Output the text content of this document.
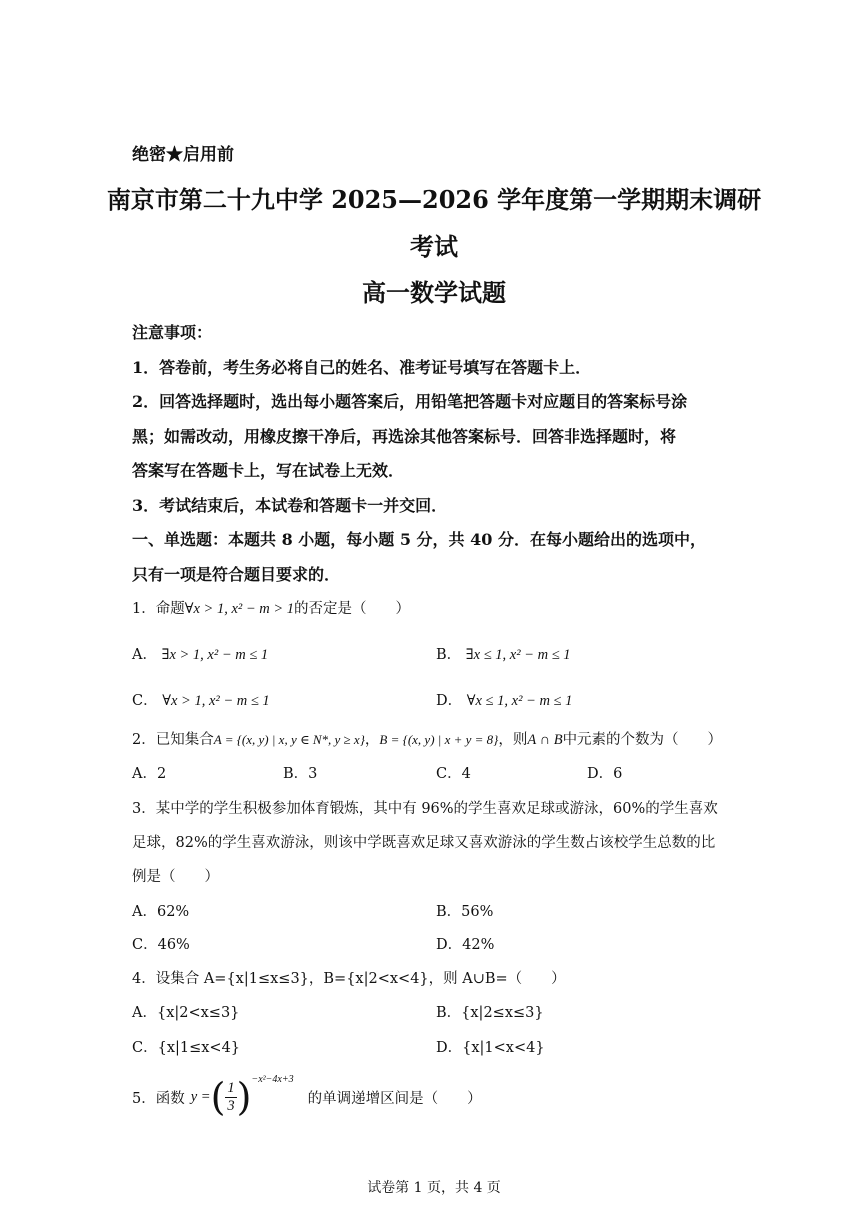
绝密★启用前
南京市第二十九中学 2025—2026 学年度第一学期期末调研
考试
高一数学试题
注意事项：
1．答卷前，考生务必将自己的姓名、准考证号填写在答题卡上．
2．回答选择题时，选出每小题答案后，用铅笔把答题卡对应题目的答案标号涂
黑；如需改动，用橡皮擦干净后，再选涂其他答案标号．回答非选择题时，将
答案写在答题卡上，写在试卷上无效．
3．考试结束后，本试卷和答题卡一并交回．
一、单选题：本题共 8 小题，每小题 5 分，共 40 分．在每小题给出的选项中，
只有一项是符合题目要求的．
1．命题∀x > 1, x² − m > 1的否定是（　　）
A． ∃x > 1, x² − m ≤ 1	B． ∃x ≤ 1, x² − m ≤ 1
C． ∀x > 1, x² − m ≤ 1	D． ∀x ≤ 1, x² − m ≤ 1
2．已知集合A = {(x, y) | x, y ∈ N*, y ≥ x}，B = {(x, y) | x + y = 8}，则A ∩ B中元素的个数为（　　）
A．2	B．3	C．4	D．6
3．某中学的学生积极参加体育锻炼，其中有 96%的学生喜欢足球或游泳，60%的学生喜欢
足球，82%的学生喜欢游泳，则该中学既喜欢足球又喜欢游泳的学生数占该校学生总数的比
例是（　　）
A．62%	B．56%
C．46%	D．42%
4．设集合 A={x|1≤x≤3}，B={x|2<x<4}，则 A∪B=（　　）
A．{x|2<x≤3}	B．{x|2≤x≤3}
C．{x|1≤x<4}	D．{x|1<x<4}
5．函数 y = ( $\frac{1}{3}$ ) −x²−4x+3
的单调递增区间是（　　）
试卷第 1 页，共 4 页
